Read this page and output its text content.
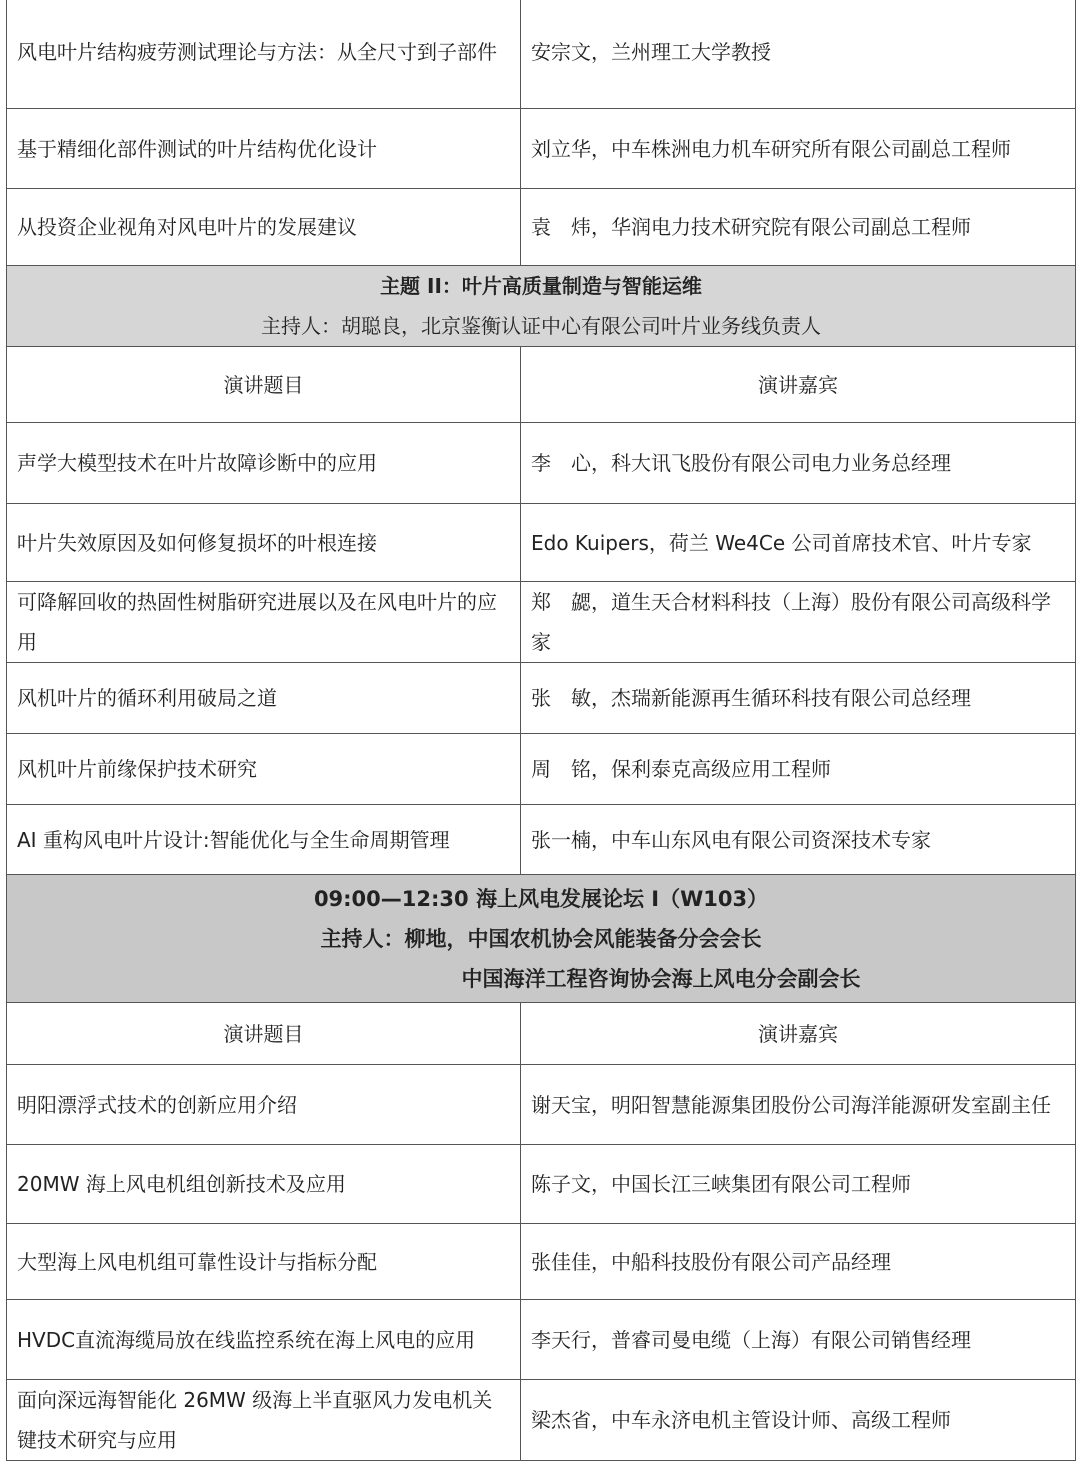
风电叶片结构疲劳测试理论与方法：从全尺寸到子部件	安宗文，兰州理工大学教授
基于精细化部件测试的叶片结构优化设计	刘立华，中车株洲电力机车研究所有限公司副总工程师
从投资企业视角对风电叶片的发展建议	袁　炜，华润电力技术研究院有限公司副总工程师

主题 II：叶片高质量制造与智能运维
主持人：胡聪良，北京鉴衡认证中心有限公司叶片业务线负责人	

演讲题目	演讲嘉宾
声学大模型技术在叶片故障诊断中的应用	李　心，科大讯飞股份有限公司电力业务总经理
叶片失效原因及如何修复损坏的叶根连接	Edo Kuipers，荷兰 We4Ce 公司首席技术官、叶片专家
可降解回收的热固性树脂研究进展以及在风电叶片的应用	郑　勰，道生天合材料科技（上海）股份有限公司高级科学家
风机叶片的循环利用破局之道	张　敏，杰瑞新能源再生循环科技有限公司总经理
风机叶片前缘保护技术研究	周　铭，保利泰克高级应用工程师
AI 重构风电叶片设计:智能优化与全生命周期管理	张一楠，中车山东风电有限公司资深技术专家

09:00—12:30 海上风电发展论坛 I（W103）
主持人：柳地，中国农机协会风能装备分会会长
中国海洋工程咨询协会海上风电分会副会长	

演讲题目	演讲嘉宾
明阳漂浮式技术的创新应用介绍	谢天宝，明阳智慧能源集团股份公司海洋能源研发室副主任
20MW 海上风电机组创新技术及应用	陈子文，中国长江三峡集团有限公司工程师
大型海上风电机组可靠性设计与指标分配	张佳佳，中船科技股份有限公司产品经理
HVDC直流海缆局放在线监控系统在海上风电的应用	李天行，普睿司曼电缆（上海）有限公司销售经理
面向深远海智能化 26MW 级海上半直驱风力发电机关键技术研究与应用	梁杰省，中车永济电机主管设计师、高级工程师
